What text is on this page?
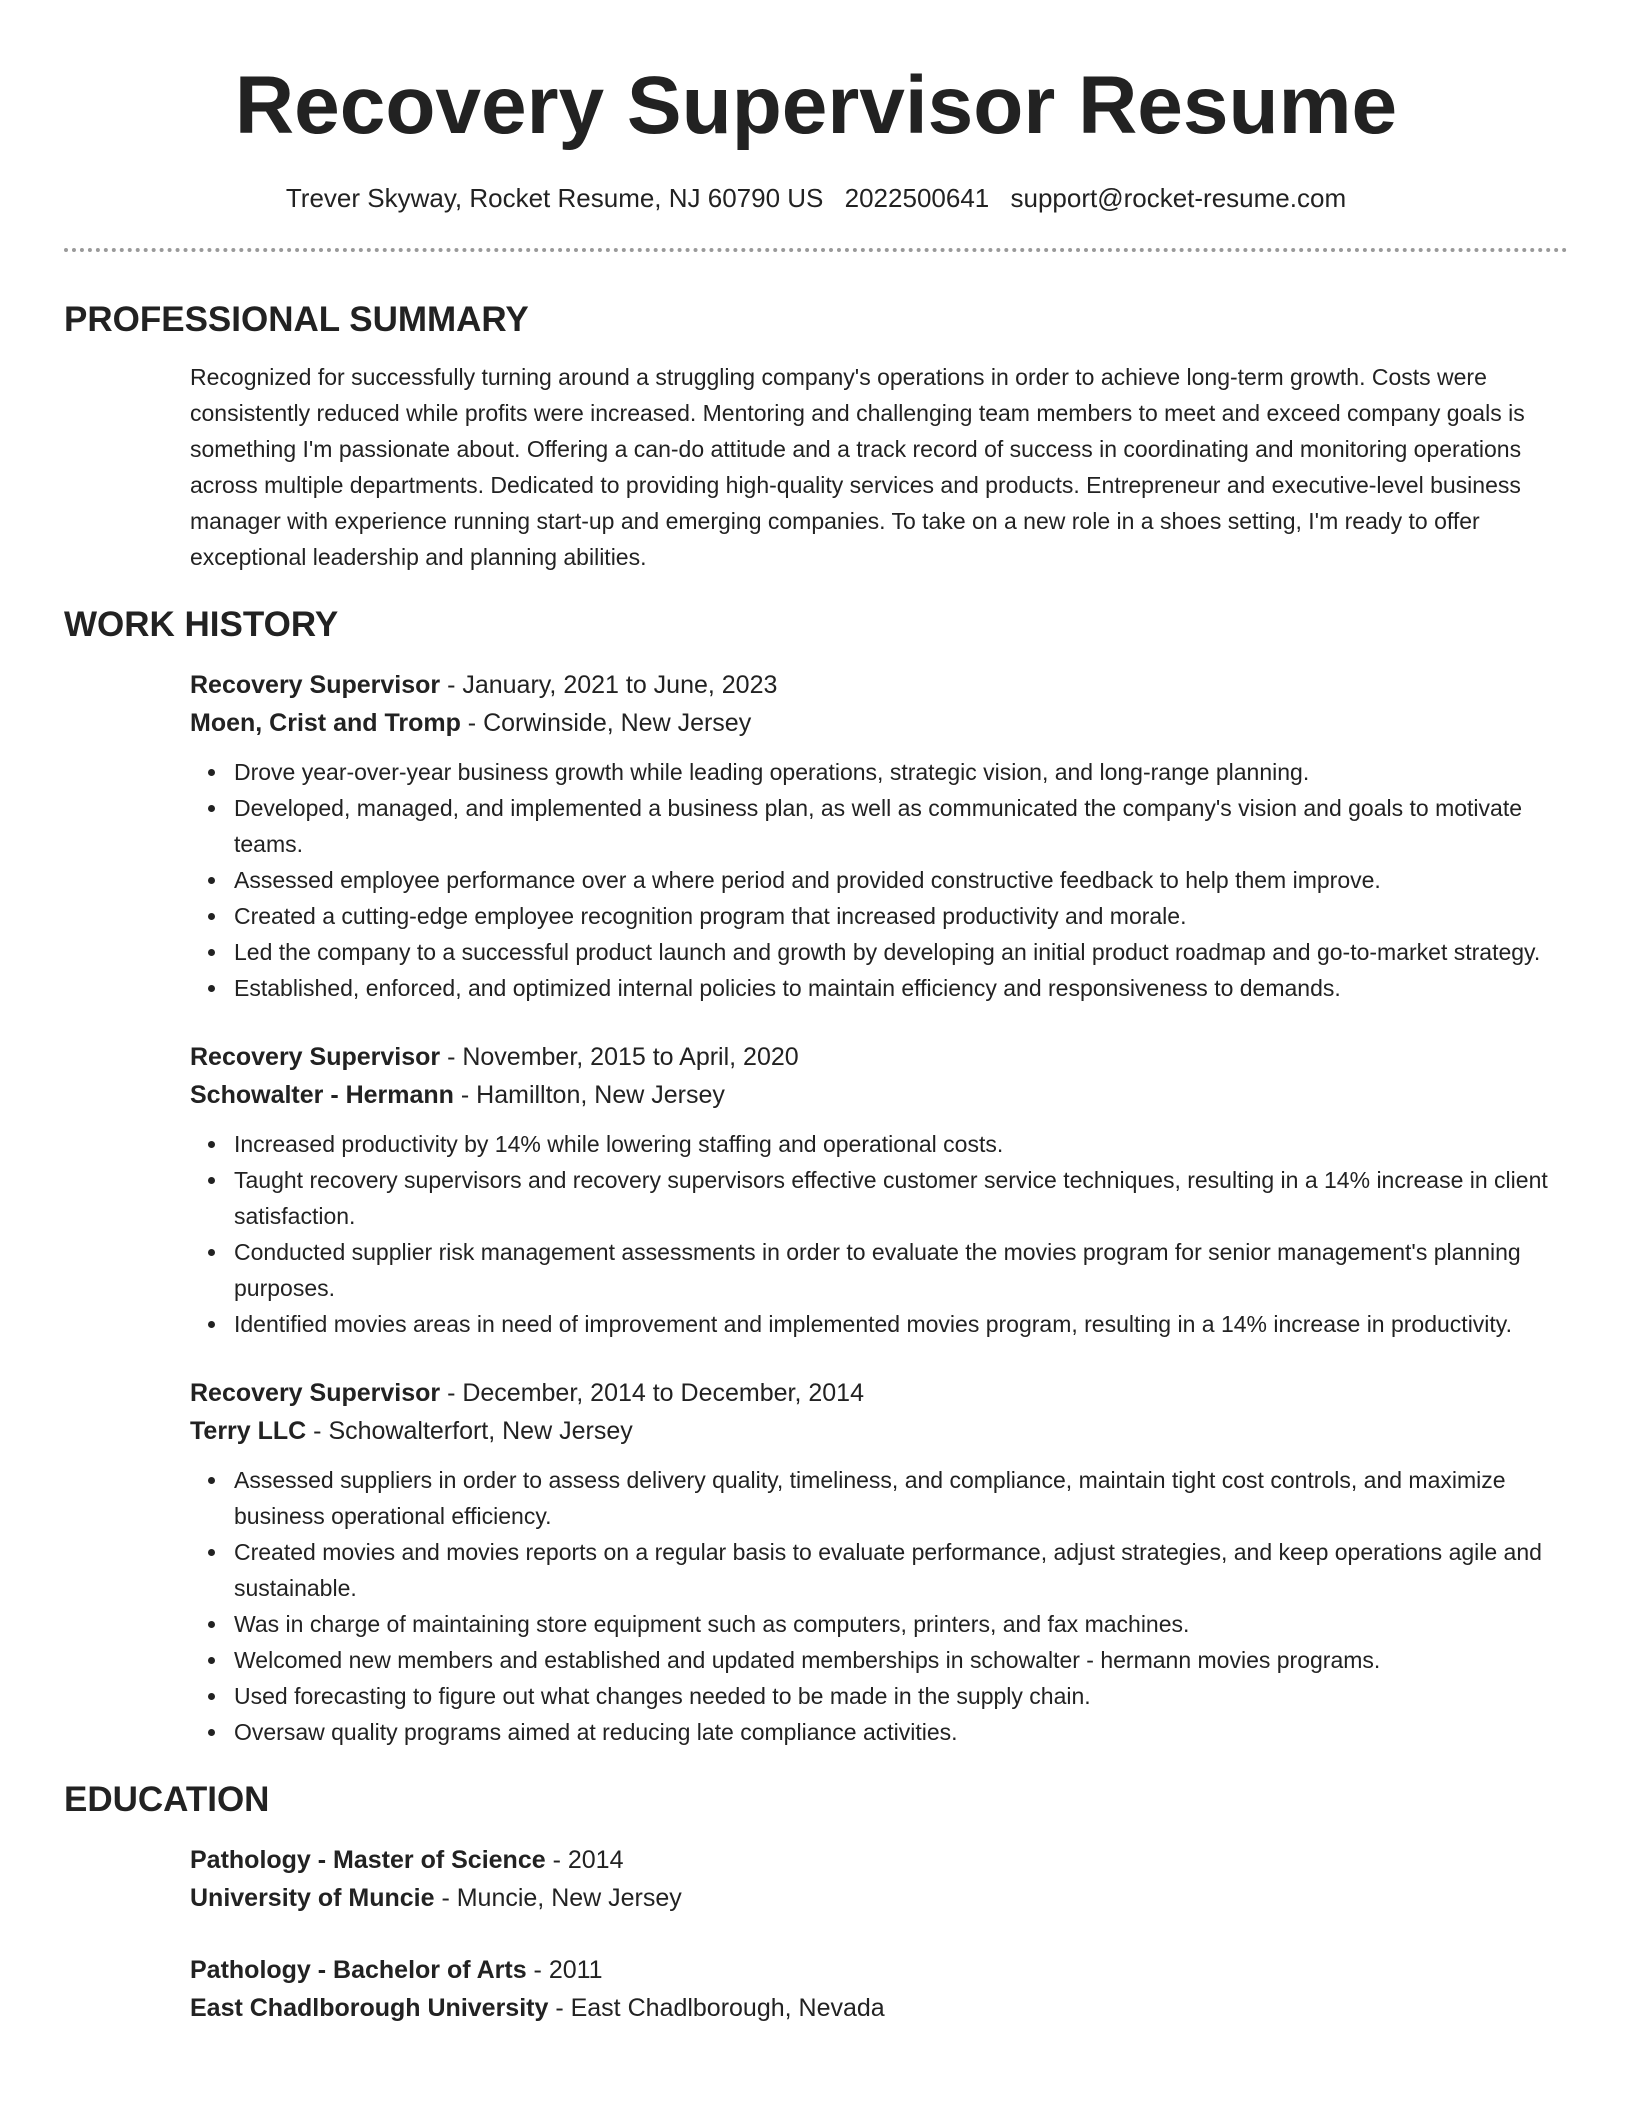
Recovery Supervisor Resume
Trever Skyway, Rocket Resume, NJ 60790 US 2022500641 support@rocket-resume.com
PROFESSIONAL SUMMARY

Recognized for successfully turning around a struggling company's operations in order to achieve long-term growth. Costs were consistently reduced while profits were increased. Mentoring and challenging team members to meet and exceed company goals is something I'm passionate about. Offering a can-do attitude and a track record of success in coordinating and monitoring operations across multiple departments. Dedicated to providing high-quality services and products. Entrepreneur and executive-level business manager with experience running start-up and emerging companies. To take on a new role in a shoes setting, I'm ready to offer exceptional leadership and planning abilities.

WORK HISTORY
Recovery Supervisor - January, 2021 to June, 2023
Moen, Crist and Tromp - Corwinside, New Jersey
Drove year-over-year business growth while leading operations, strategic vision, and long-range planning.
Developed, managed, and implemented a business plan, as well as communicated the company's vision and goals to motivate teams.
Assessed employee performance over a where period and provided constructive feedback to help them improve.
Created a cutting-edge employee recognition program that increased productivity and morale.
Led the company to a successful product launch and growth by developing an initial product roadmap and go-to-market strategy.
Established, enforced, and optimized internal policies to maintain efficiency and responsiveness to demands.
Recovery Supervisor - November, 2015 to April, 2020
Schowalter - Hermann - Hamillton, New Jersey
Increased productivity by 14% while lowering staffing and operational costs.
Taught recovery supervisors and recovery supervisors effective customer service techniques, resulting in a 14% increase in client satisfaction.
Conducted supplier risk management assessments in order to evaluate the movies program for senior management's planning purposes.
Identified movies areas in need of improvement and implemented movies program, resulting in a 14% increase in productivity.
Recovery Supervisor - December, 2014 to December, 2014
Terry LLC - Schowalterfort, New Jersey
Assessed suppliers in order to assess delivery quality, timeliness, and compliance, maintain tight cost controls, and maximize business operational efficiency.
Created movies and movies reports on a regular basis to evaluate performance, adjust strategies, and keep operations agile and sustainable.
Was in charge of maintaining store equipment such as computers, printers, and fax machines.
Welcomed new members and established and updated memberships in schowalter - hermann movies programs.
Used forecasting to figure out what changes needed to be made in the supply chain.
Oversaw quality programs aimed at reducing late compliance activities.
EDUCATION
Pathology - Master of Science - 2014
University of Muncie - Muncie, New Jersey
Pathology - Bachelor of Arts - 2011
East Chadlborough University - East Chadlborough, Nevada
